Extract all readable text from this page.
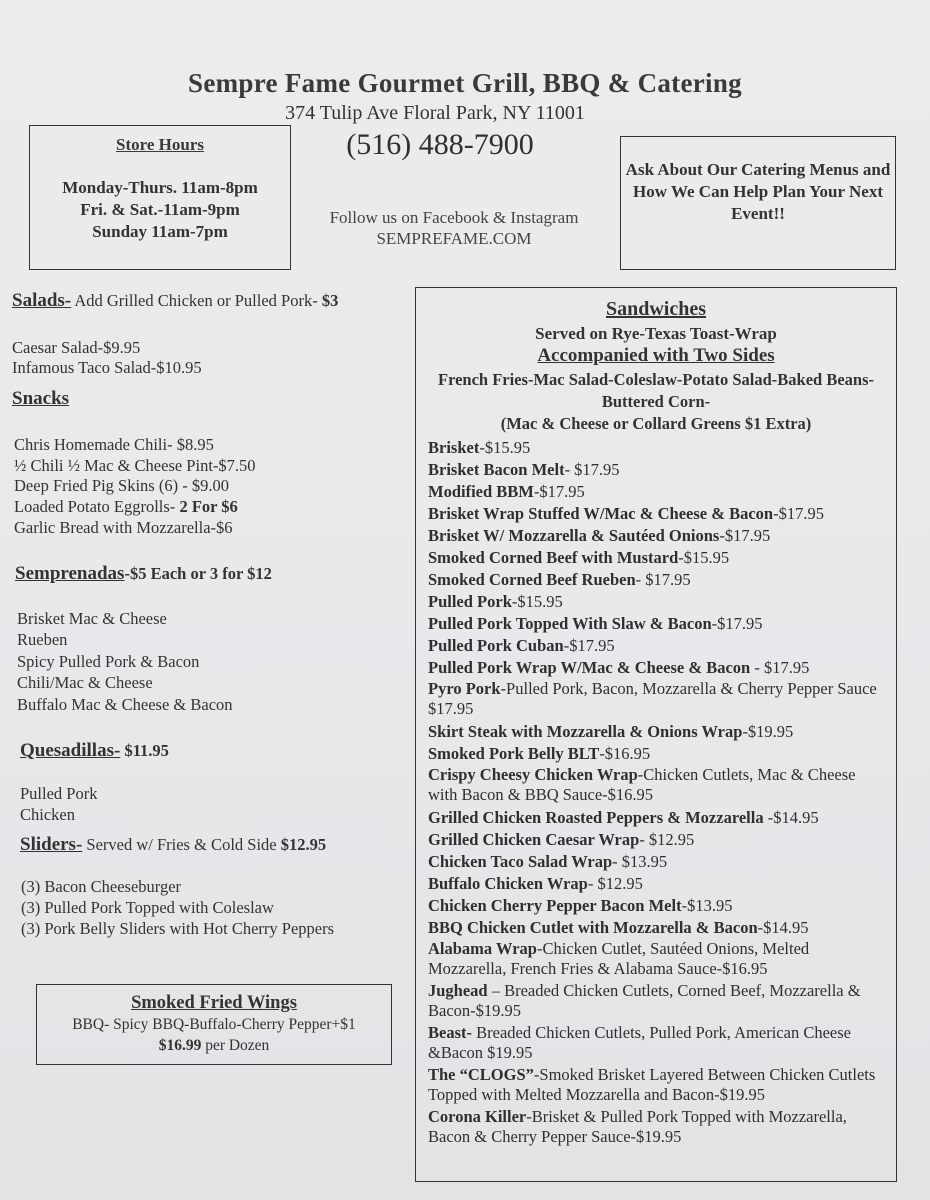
Sempre Fame Gourmet Grill, BBQ & Catering
374 Tulip Ave Floral Park, NY 11001
(516) 488-7900
Follow us on Facebook & Instagram
SEMPREFAME.COM
Store Hours
Monday-Thurs. 11am-8pm
Fri. & Sat.-11am-9pm
Sunday 11am-7pm
Ask About Our Catering Menus and How We Can Help Plan Your Next Event!!
Salads- Add Grilled Chicken or Pulled Pork- $3
Caesar Salad-$9.95
Infamous Taco Salad-$10.95
Snacks
Chris Homemade Chili- $8.95
½ Chili ½ Mac & Cheese Pint-$7.50
Deep Fried Pig Skins (6) - $9.00
Loaded Potato Eggrolls- 2 For $6
Garlic Bread with Mozzarella-$6
Semprenadas-$5 Each or 3 for $12
Brisket Mac & Cheese
Rueben
Spicy Pulled Pork & Bacon
Chili/Mac & Cheese
Buffalo Mac & Cheese & Bacon
Quesadillas- $11.95
Pulled Pork
Chicken
Sliders- Served w/ Fries & Cold Side $12.95
(3) Bacon Cheeseburger
(3) Pulled Pork Topped with Coleslaw
(3) Pork Belly Sliders with Hot Cherry Peppers
Smoked Fried Wings
BBQ- Spicy BBQ-Buffalo-Cherry Pepper+$1
$16.99 per Dozen
Sandwiches
Served on Rye-Texas Toast-Wrap
Accompanied with Two Sides
French Fries-Mac Salad-Coleslaw-Potato Salad-Baked Beans-Buttered Corn-
(Mac & Cheese or Collard Greens $1 Extra)
Brisket-$15.95
Brisket Bacon Melt- $17.95
Modified BBM-$17.95
Brisket Wrap Stuffed W/Mac & Cheese & Bacon-$17.95
Brisket W/ Mozzarella & Sautéed Onions-$17.95
Smoked Corned Beef with Mustard-$15.95
Smoked Corned Beef Rueben- $17.95
Pulled Pork-$15.95
Pulled Pork Topped With Slaw & Bacon-$17.95
Pulled Pork Cuban-$17.95
Pulled Pork Wrap W/Mac & Cheese & Bacon - $17.95
Pyro Pork-Pulled Pork, Bacon, Mozzarella & Cherry Pepper Sauce $17.95
Skirt Steak with Mozzarella & Onions Wrap-$19.95
Smoked Pork Belly BLT-$16.95
Crispy Cheesy Chicken Wrap-Chicken Cutlets, Mac & Cheese with Bacon & BBQ Sauce-$16.95
Grilled Chicken Roasted Peppers & Mozzarella -$14.95
Grilled Chicken Caesar Wrap- $12.95
Chicken Taco Salad Wrap- $13.95
Buffalo Chicken Wrap- $12.95
Chicken Cherry Pepper Bacon Melt-$13.95
BBQ Chicken Cutlet with Mozzarella & Bacon-$14.95
Alabama Wrap-Chicken Cutlet, Sautéed Onions, Melted Mozzarella, French Fries & Alabama Sauce-$16.95
Jughead – Breaded Chicken Cutlets, Corned Beef, Mozzarella & Bacon-$19.95
Beast- Breaded Chicken Cutlets, Pulled Pork, American Cheese &Bacon $19.95
The “CLOGS”-Smoked Brisket Layered Between Chicken Cutlets Topped with Melted Mozzarella and Bacon-$19.95
Corona Killer-Brisket & Pulled Pork Topped with Mozzarella, Bacon & Cherry Pepper Sauce-$19.95
